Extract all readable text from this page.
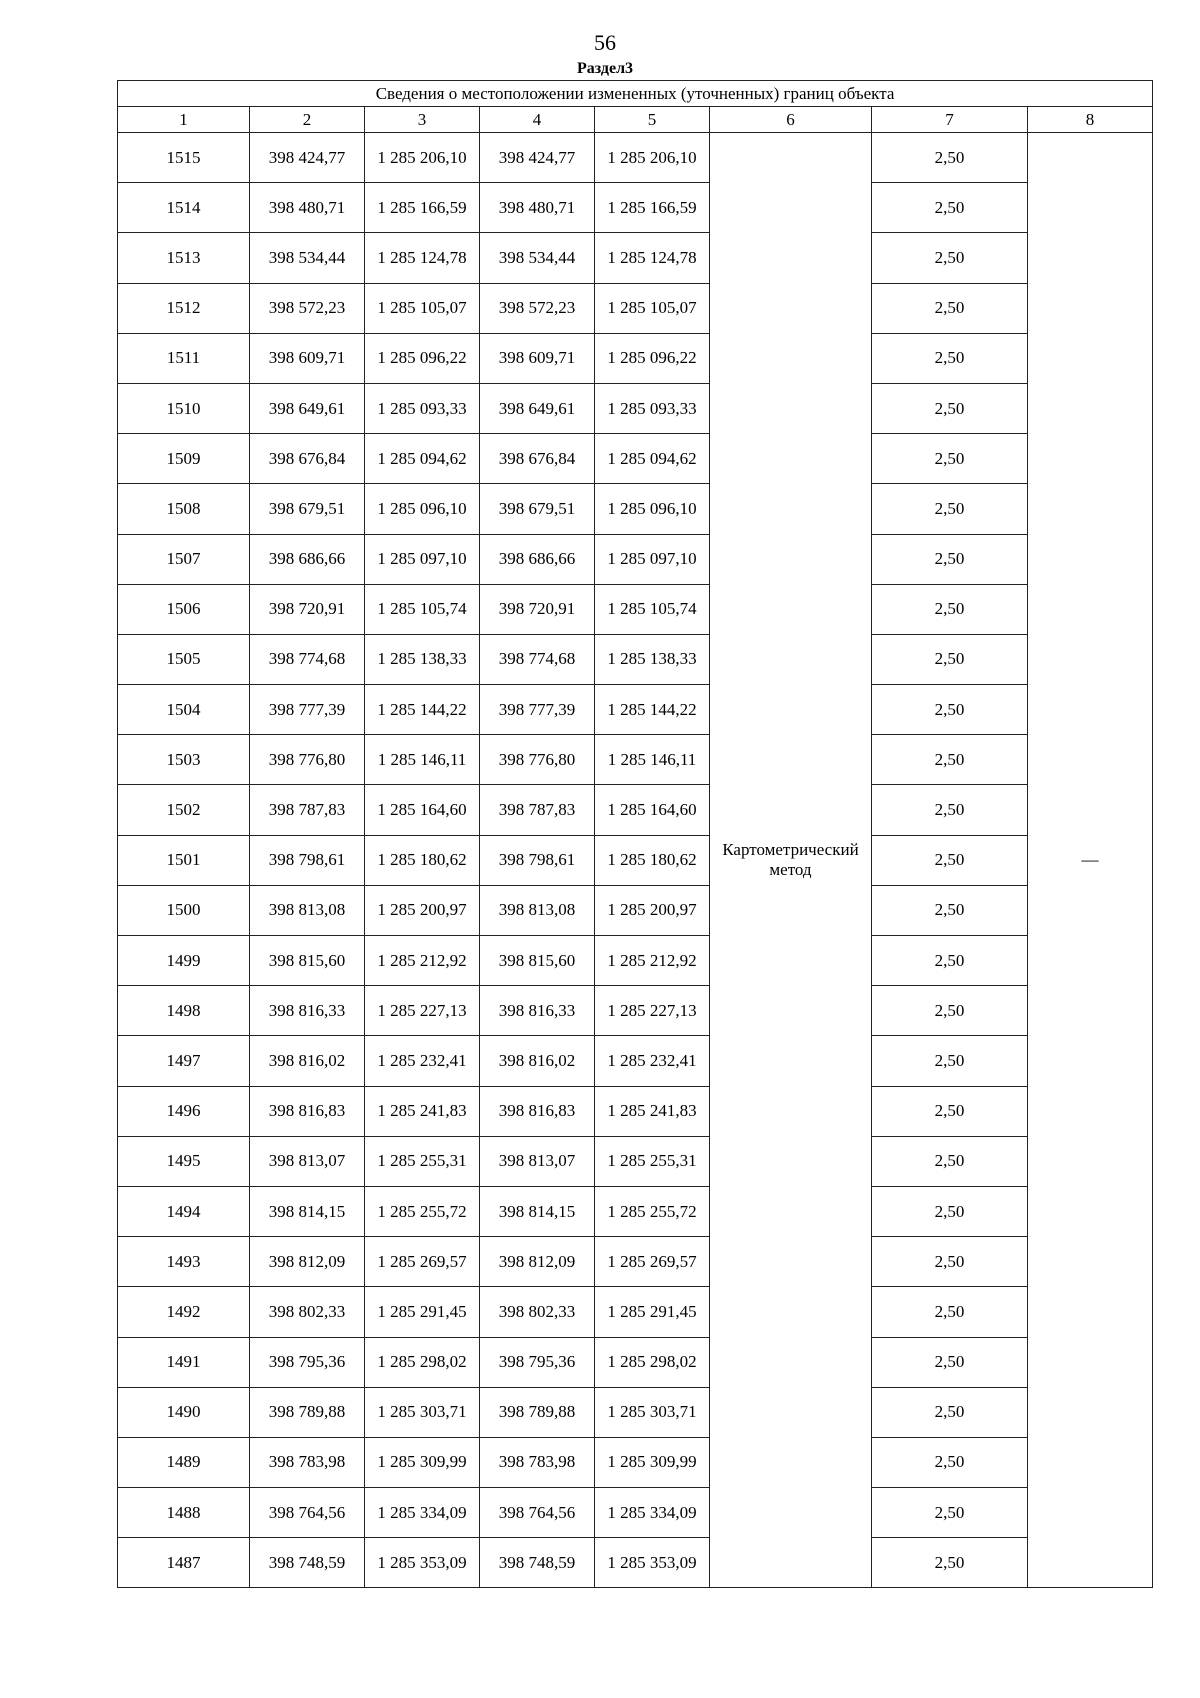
56
Раздел3
Сведения о местоположении измененных (уточненных) границ объекта							
1	2	3	4	5	6	7	8
1515	398 424,77	1 285 206,10	398 424,77	1 285 206,10	Картометрический метод	2,50	—
1514	398 480,71	1 285 166,59	398 480,71	1 285 166,59		2,50	
1513	398 534,44	1 285 124,78	398 534,44	1 285 124,78		2,50	
1512	398 572,23	1 285 105,07	398 572,23	1 285 105,07		2,50	
1511	398 609,71	1 285 096,22	398 609,71	1 285 096,22		2,50	
1510	398 649,61	1 285 093,33	398 649,61	1 285 093,33		2,50	
1509	398 676,84	1 285 094,62	398 676,84	1 285 094,62		2,50	
1508	398 679,51	1 285 096,10	398 679,51	1 285 096,10		2,50	
1507	398 686,66	1 285 097,10	398 686,66	1 285 097,10		2,50	
1506	398 720,91	1 285 105,74	398 720,91	1 285 105,74		2,50	
1505	398 774,68	1 285 138,33	398 774,68	1 285 138,33		2,50	
1504	398 777,39	1 285 144,22	398 777,39	1 285 144,22		2,50	
1503	398 776,80	1 285 146,11	398 776,80	1 285 146,11		2,50	
1502	398 787,83	1 285 164,60	398 787,83	1 285 164,60		2,50	
1501	398 798,61	1 285 180,62	398 798,61	1 285 180,62		2,50	
1500	398 813,08	1 285 200,97	398 813,08	1 285 200,97		2,50	
1499	398 815,60	1 285 212,92	398 815,60	1 285 212,92		2,50	
1498	398 816,33	1 285 227,13	398 816,33	1 285 227,13		2,50	
1497	398 816,02	1 285 232,41	398 816,02	1 285 232,41		2,50	
1496	398 816,83	1 285 241,83	398 816,83	1 285 241,83		2,50	
1495	398 813,07	1 285 255,31	398 813,07	1 285 255,31		2,50	
1494	398 814,15	1 285 255,72	398 814,15	1 285 255,72		2,50	
1493	398 812,09	1 285 269,57	398 812,09	1 285 269,57		2,50	
1492	398 802,33	1 285 291,45	398 802,33	1 285 291,45		2,50	
1491	398 795,36	1 285 298,02	398 795,36	1 285 298,02		2,50	
1490	398 789,88	1 285 303,71	398 789,88	1 285 303,71		2,50	
1489	398 783,98	1 285 309,99	398 783,98	1 285 309,99		2,50	
1488	398 764,56	1 285 334,09	398 764,56	1 285 334,09		2,50	
1487	398 748,59	1 285 353,09	398 748,59	1 285 353,09		2,50	
